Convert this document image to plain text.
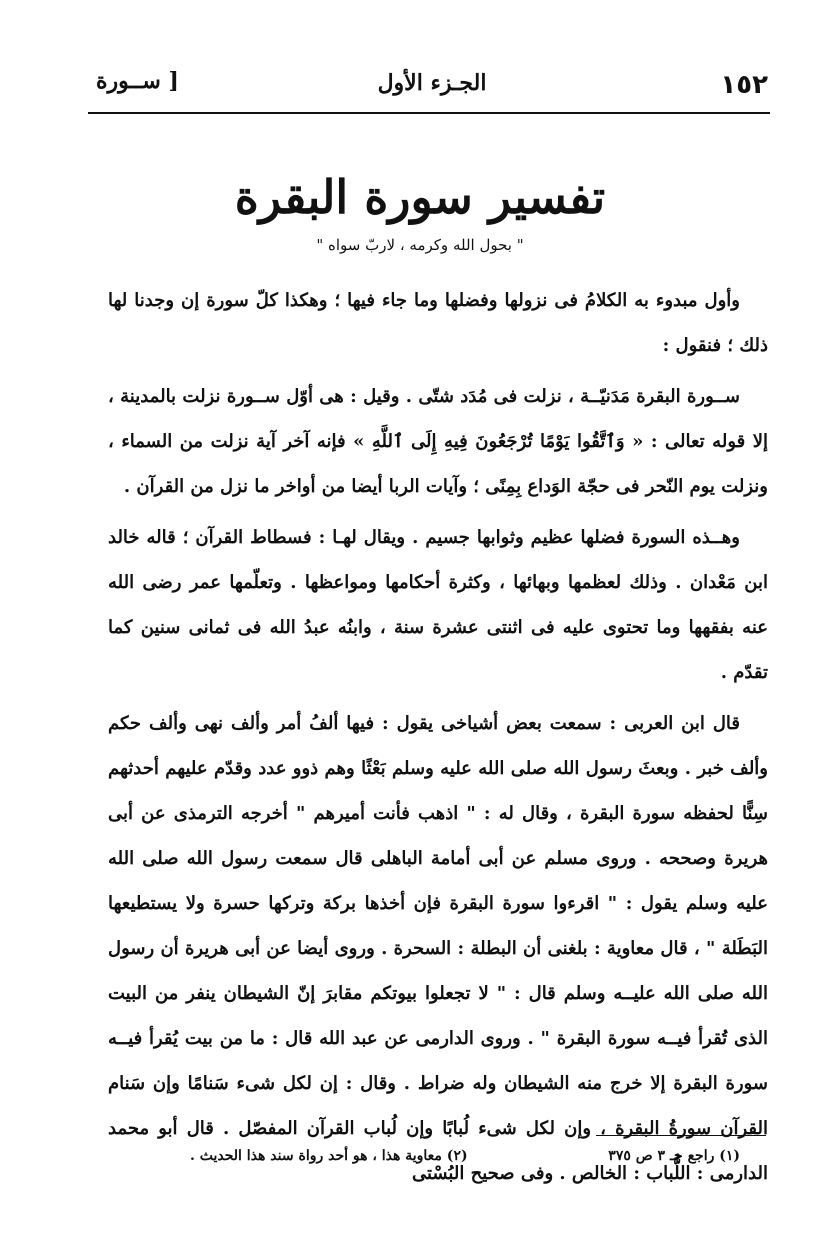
١٥٢
الجـزء الأول
[ ســورة
تفسير سورة البقرة
" بحول الله وكرمه ، لاربّ سواه "

وأول مبدوء به الكلامُ فى نزولها وفضلها وما جاء فيها ؛ وهكذا كلّ سورة إن وجدنا لها ذلك ؛ فنقول :

ســورة البقرة مَدَنيّــة ، نزلت فى مُدَد شتّى . وقيل : هى أوّل ســورة نزلت بالمدينة ، إلا قوله تعالى : « وَٱتَّقُوا يَوْمًا تُرْجَعُونَ فِيهِ إِلَى ٱللَّهِ » فإنه آخر آية نزلت من السماء ، ونزلت يوم النّحر فى حجّة الوَداع بِمِنًى ؛ وآيات الربا أيضا من أواخر ما نزل من القرآن .

وهــذه السورة فضلها عظيم وثوابها جسيم . ويقال لهـا : فسطاط القرآن ؛ قاله خالد ابن مَعْدان . وذلك لعظمها وبهائها ، وكثرة أحكامها ومواعظها . وتعلّمها عمر رضى الله عنه بفقهها وما تحتوى عليه فى اثنتى عشرة سنة ، وابنُه عبدُ الله فى ثمانى سنين كما تقدّم .

قال ابن العربى : سمعت بعض أشياخى يقول : فيها ألفُ أمر وألف نهى وألف حكم وألف خبر . وبعثَ رسول الله صلى الله عليه وسلم بَعْثًا وهم ذوو عدد وقدّم عليهم أحدثهم سِنًّا لحفظه سورة البقرة ، وقال له : " اذهب فأنت أميرهم " أخرجه الترمذى عن أبى هريرة وصححه . وروى مسلم عن أبى أمامة الباهلى قال سمعت رسول الله صلى الله عليه وسلم يقول : " اقرءوا سورة البقرة فإن أخذها بركة وتركها حسرة ولا يستطيعها البَطَلة " ، قال معاوية : بلغنى أن البطلة : السحرة . وروى أيضا عن أبى هريرة أن رسول الله صلى الله عليــه وسلم قال : " لا تجعلوا بيوتكم مقابرَ إنّ الشيطان ينفر من البيت الذى تُقرأ فيــه سورة البقرة " . وروى الدارمى عن عبد الله قال : ما من بيت يُقرأ فيــه سورة البقرة إلا خرج منه الشيطان وله ضراط . وقال : إن لكل شىء سَنامًا وإن سَنام القرآن سورةُ البقرة ، وإن لكل شىء لُبابًا وإن لُباب القرآن المفصّل . قال أبو محمد الدارمى : اللُّباب : الخالص . وفى صحيح البُسْتى

(١) راجع جـ ٣ ص ٣٧٥
(٢) معاوية هذا ، هو أحد رواة سند هذا الحديث .
